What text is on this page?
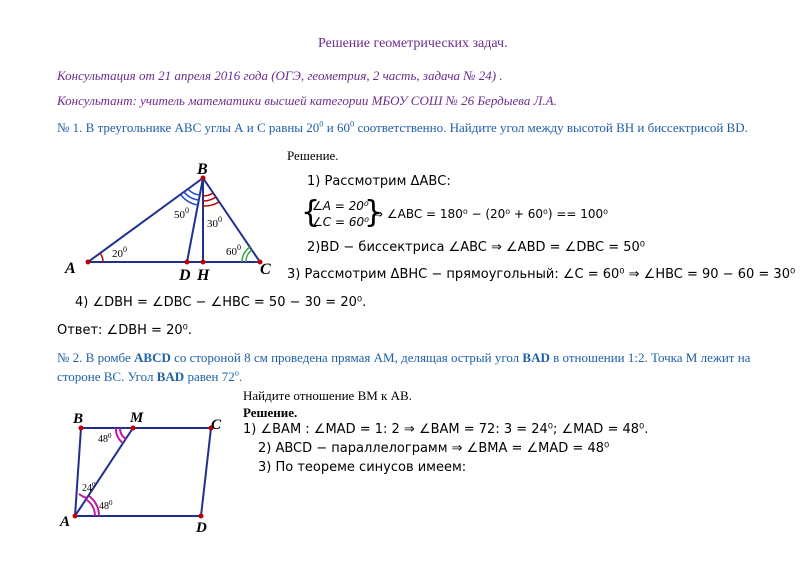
Решение геометрических задач.
Консультация от 21 апреля 2016 года (ОГЭ, геометрия, 2 часть, задача № 24) .
Консультант: учитель математики высшей категории МБОУ СОШ № 26 Бердыева Л.А.
№ 1. В треугольнике АВС углы А и С равны $20^0$ и $60^0$ соответственно. Найдите угол между высотой ВН и биссектрисой ВD.
B
A	C
D H
$20^0$	$60^0$
$50^0$
$30^0$
Решение.
1) Рассмотрим ΔАВС:
{
∠A = 20⁰
∠C = 60⁰
}
⇒ ∠ABC = 180⁰ − (20⁰ + 60⁰) == 100⁰
2)BD − биссектриса ∠ABC ⇒ ∠ABD = ∠DBC = 50⁰
3) Рассмотрим ΔВНС − прямоугольный: ∠C = 60⁰ ⇒ ∠HBC = 90 − 60 = 30⁰
4) ∠DBH = ∠DBC − ∠HBC = 50 − 30 = 20⁰.
Ответ: ∠DBH = 20⁰.
№ 2. В ромбе ABCD со стороной 8 см проведена прямая АМ, делящая острый угол BAD в отношении 1:2. Точка М лежит на
стороне ВС. Угол BAD равен $72^о$.
B	M	C
A	D
$48^0$
$24^0$
$48^0$
Найдите отношение ВМ к АВ.
Решение.
1) ∠ВАМ : ∠MAD = 1: 2 ⇒ ∠ВАМ = 72: 3 = 24⁰; ∠MAD = 48⁰.
2) ABCD − параллелограмм ⇒ ∠BMA = ∠MAD = 48⁰
3) По теореме синусов имеем:
